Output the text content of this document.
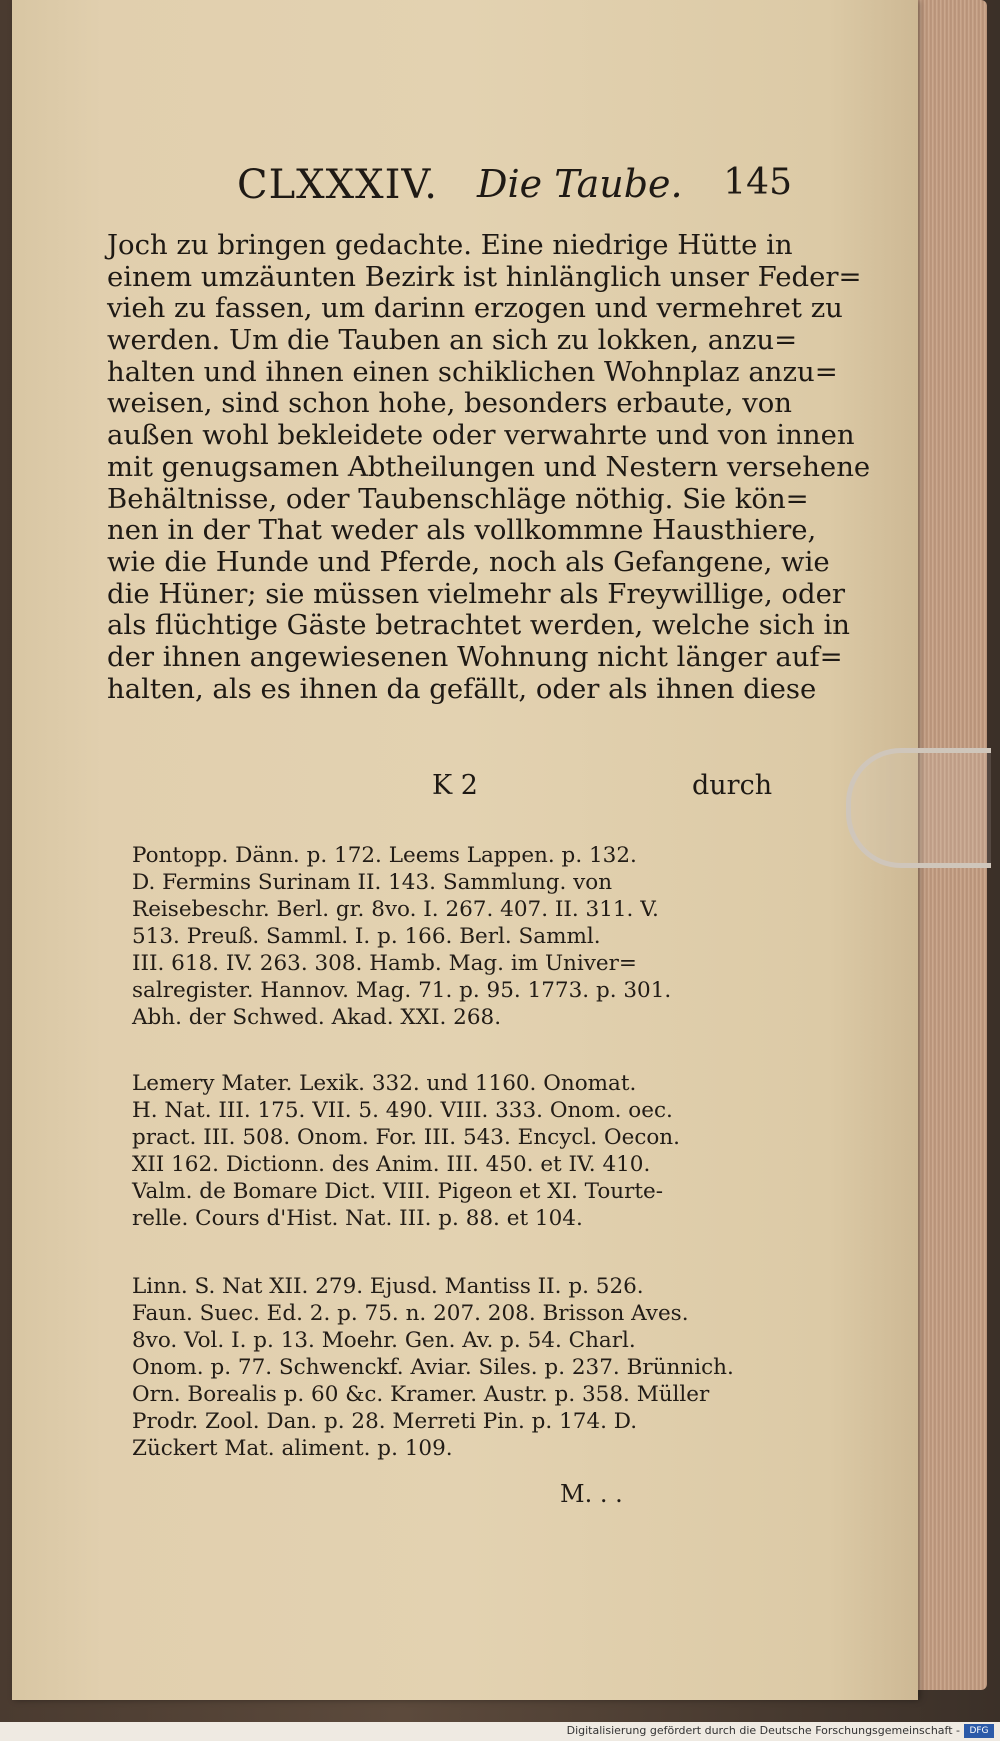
CLXXXIV. Die Taube. 145
Joch zu bringen gedachte. Eine niedrige Hütte in
einem umzäunten Bezirk ist hinlänglich unser Feder=
vieh zu fassen, um darinn erzogen und vermehret zu
werden. Um die Tauben an sich zu lokken, anzu=
halten und ihnen einen schiklichen Wohnplaz anzu=
weisen, sind schon hohe, besonders erbaute, von
außen wohl bekleidete oder verwahrte und von innen
mit genugsamen Abtheilungen und Nestern versehene
Behältnisse, oder Taubenschläge nöthig. Sie kön=
nen in der That weder als vollkommne Hausthiere,
wie die Hunde und Pferde, noch als Gefangene, wie
die Hüner; sie müssen vielmehr als Freywillige, oder
als flüchtige Gäste betrachtet werden, welche sich in
der ihnen angewiesenen Wohnung nicht länger auf=
halten, als es ihnen da gefällt, oder als ihnen diese
K 2	durch
Pontopp. Dänn. p. 172. Leems Lappen. p. 132.
D. Fermins Surinam II. 143. Sammlung. von
Reisebeschr. Berl. gr. 8vo. I. 267. 407. II. 311. V.
513. Preuß. Samml. I. p. 166. Berl. Samml.
III. 618. IV. 263. 308. Hamb. Mag. im Univer=
salregister. Hannov. Mag. 71. p. 95. 1773. p. 301.
Abh. der Schwed. Akad. XXI. 268.
Lemery Mater. Lexik. 332. und 1160. Onomat.
H. Nat. III. 175. VII. 5. 490. VIII. 333. Onom. oec.
pract. III. 508. Onom. For. III. 543. Encycl. Oecon.
XII 162. Dictionn. des Anim. III. 450. et IV. 410.
Valm. de Bomare Dict. VIII. Pigeon et XI. Tourte-
relle. Cours d'Hist. Nat. III. p. 88. et 104.
Linn. S. Nat XII. 279. Ejusd. Mantiss II. p. 526.
Faun. Suec. Ed. 2. p. 75. n. 207. 208. Brisson Aves.
8vo. Vol. I. p. 13. Moehr. Gen. Av. p. 54. Charl.
Onom. p. 77. Schwenckf. Aviar. Siles. p. 237. Brünnich.
Orn. Borealis p. 60 &c. Kramer. Austr. p. 358. Müller
Prodr. Zool. Dan. p. 28. Merreti Pin. p. 174. D.
Zückert Mat. aliment. p. 109.
M. . .
Digitalisierung gefördert durch die Deutsche Forschungsgemeinschaft -	DFG
